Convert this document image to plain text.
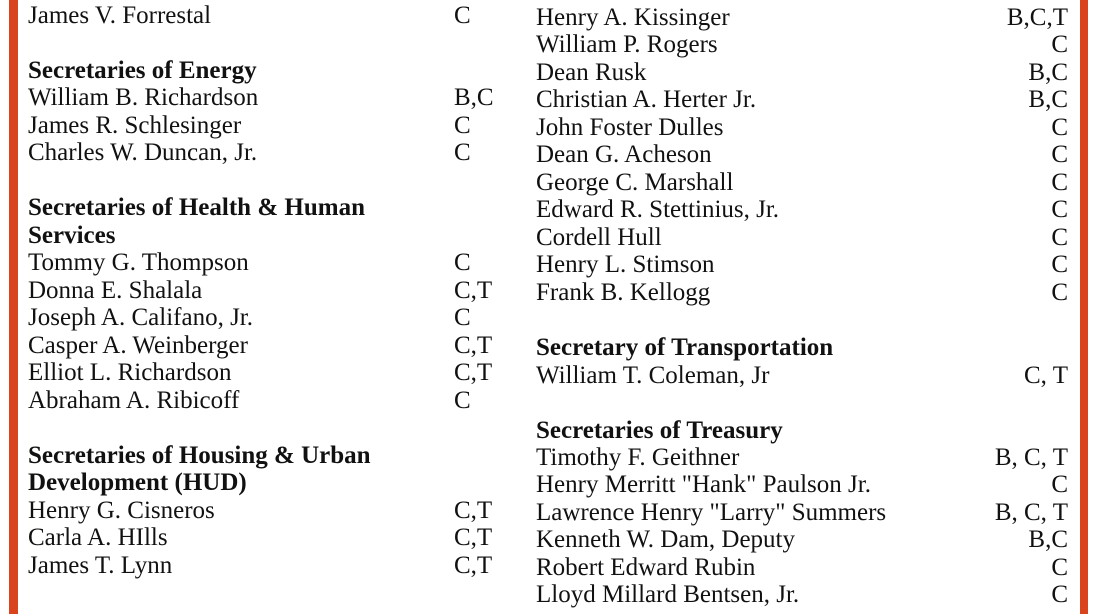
James V. Forrestal	C
Secretaries of Energy
William B. Richardson	B,C
James R. Schlesinger	C
Charles W. Duncan, Jr.	C
Secretaries of Health & Human
Services
Tommy G. Thompson	C
Donna E. Shalala	C,T
Joseph A. Califano, Jr.	C
Casper A. Weinberger	C,T
Elliot L. Richardson	C,T
Abraham A. Ribicoff	C
Secretaries of Housing & Urban
Development (HUD)
Henry G. Cisneros	C,T
Carla A. HIlls	C,T
James T. Lynn	C,T
Henry A. Kissinger	B,C,T
William P. Rogers	C
Dean Rusk	B,C
Christian A. Herter Jr.	B,C
John Foster Dulles	C
Dean G. Acheson	C
George C. Marshall	C
Edward R. Stettinius, Jr.	C
Cordell Hull	C
Henry L. Stimson	C
Frank B. Kellogg	C
Secretary of Transportation
William T. Coleman, Jr	C, T
Secretaries of Treasury
Timothy F. Geithner	B, C, T
Henry Merritt "Hank" Paulson Jr.	C
Lawrence Henry "Larry" Summers	B, C, T
Kenneth W. Dam, Deputy	B,C
Robert Edward Rubin	C
Lloyd Millard Bentsen, Jr.	C
